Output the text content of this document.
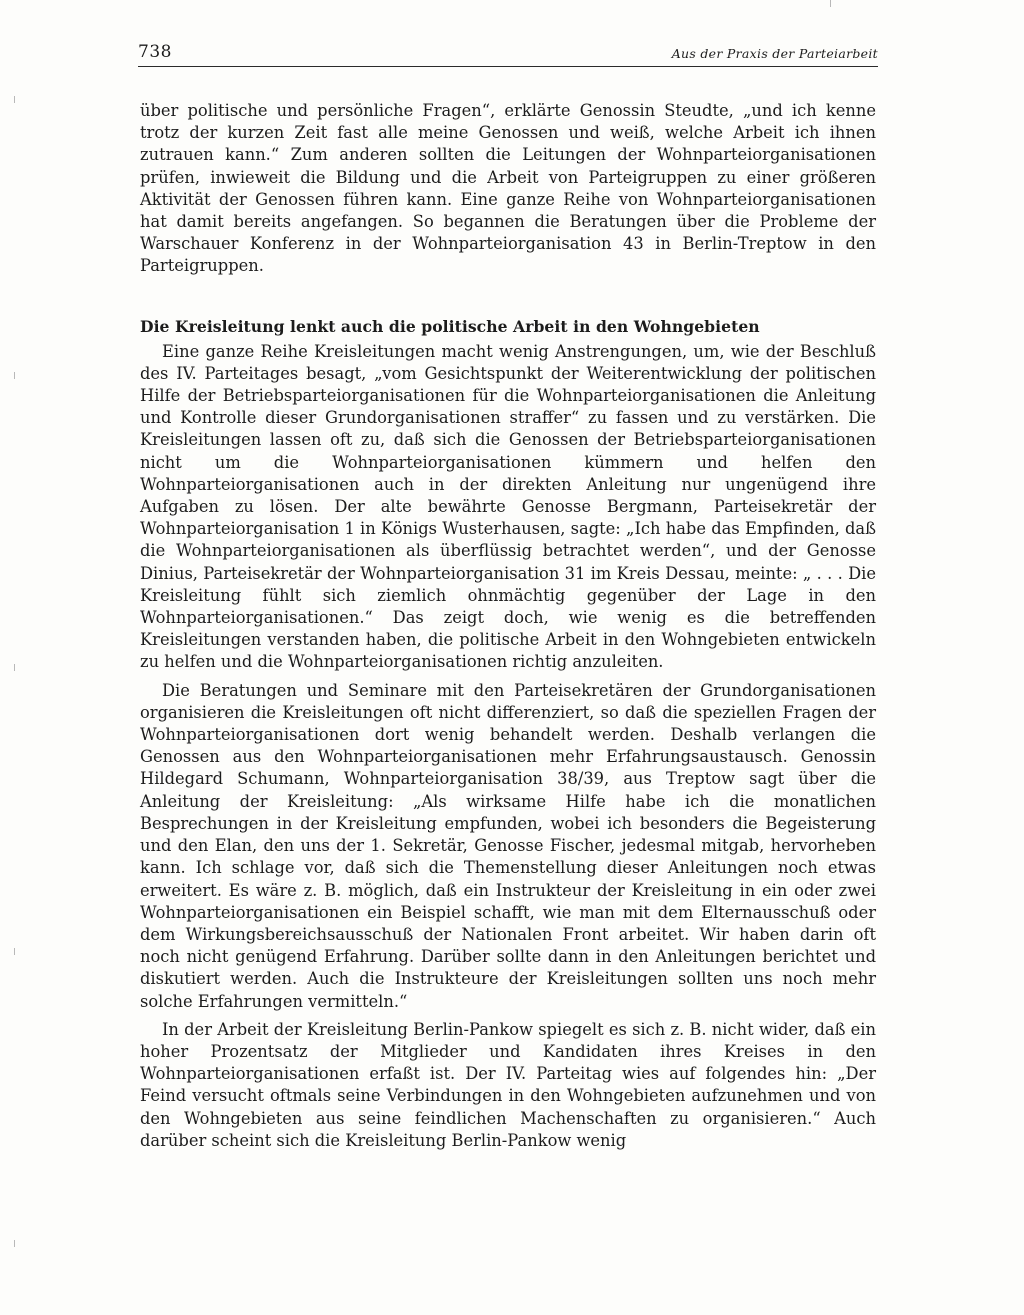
738	Aus der Praxis der Parteiarbeit

über politische und persönliche Fragen“, erklärte Genossin Steudte, „und ich kenne trotz der kurzen Zeit fast alle meine Genossen und weiß, welche Arbeit ich ihnen zutrauen kann.“ Zum anderen sollten die Leitungen der Wohnparteiorganisationen prüfen, inwieweit die Bildung und die Arbeit von Parteigruppen zu einer größeren Aktivität der Genossen führen kann. Eine ganze Reihe von Wohnparteiorganisationen hat damit bereits angefangen. So begannen die Beratungen über die Probleme der Warschauer Konferenz in der Wohnparteiorganisation 43 in Berlin-Treptow in den Parteigruppen.

Die Kreisleitung lenkt auch die politische Arbeit in den Wohngebieten

Eine ganze Reihe Kreisleitungen macht wenig Anstrengungen, um, wie der Beschluß des IV. Parteitages besagt, „vom Gesichtspunkt der Weiterentwicklung der politischen Hilfe der Betriebsparteiorganisationen für die Wohnparteiorganisationen die Anleitung und Kontrolle dieser Grundorganisationen straffer“ zu fassen und zu verstärken. Die Kreisleitungen lassen oft zu, daß sich die Genossen der Betriebsparteiorganisationen nicht um die Wohnparteiorganisationen kümmern und helfen den Wohnparteiorganisationen auch in der direkten Anleitung nur ungenügend ihre Aufgaben zu lösen. Der alte bewährte Genosse Bergmann, Parteisekretär der Wohnparteiorganisation 1 in Königs Wusterhausen, sagte: „Ich habe das Empfinden, daß die Wohnparteiorganisationen als überflüssig betrachtet werden“, und der Genosse Dinius, Parteisekretär der Wohnparteiorganisation 31 im Kreis Dessau, meinte: „ . . . Die Kreisleitung fühlt sich ziemlich ohnmächtig gegenüber der Lage in den Wohnparteiorganisationen.“ Das zeigt doch, wie wenig es die betreffenden Kreisleitungen verstanden haben, die politische Arbeit in den Wohngebieten entwickeln zu helfen und die Wohnparteiorganisationen richtig anzuleiten.

Die Beratungen und Seminare mit den Parteisekretären der Grundorganisationen organisieren die Kreisleitungen oft nicht differenziert, so daß die speziellen Fragen der Wohnparteiorganisationen dort wenig behandelt werden. Deshalb verlangen die Genossen aus den Wohnparteiorganisationen mehr Erfahrungsaustausch. Genossin Hildegard Schumann, Wohnparteiorganisation 38/39, aus Treptow sagt über die Anleitung der Kreisleitung: „Als wirksame Hilfe habe ich die monatlichen Besprechungen in der Kreisleitung empfunden, wobei ich besonders die Begeisterung und den Elan, den uns der 1. Sekretär, Genosse Fischer, jedesmal mitgab, hervorheben kann. Ich schlage vor, daß sich die Themenstellung dieser Anleitungen noch etwas erweitert. Es wäre z. B. möglich, daß ein Instrukteur der Kreisleitung in ein oder zwei Wohnparteiorganisationen ein Beispiel schafft, wie man mit dem Elternausschuß oder dem Wirkungsbereichsausschuß der Nationalen Front arbeitet. Wir haben darin oft noch nicht genügend Erfahrung. Darüber sollte dann in den Anleitungen berichtet und diskutiert werden. Auch die Instrukteure der Kreisleitungen sollten uns noch mehr solche Erfahrungen vermitteln.“

In der Arbeit der Kreisleitung Berlin-Pankow spiegelt es sich z. B. nicht wider, daß ein hoher Prozentsatz der Mitglieder und Kandidaten ihres Kreises in den Wohnparteiorganisationen erfaßt ist. Der IV. Parteitag wies auf folgendes hin: „Der Feind versucht oftmals seine Verbindungen in den Wohngebieten aufzunehmen und von den Wohngebieten aus seine feindlichen Machenschaften zu organisieren.“ Auch darüber scheint sich die Kreisleitung Berlin-Pankow wenig
